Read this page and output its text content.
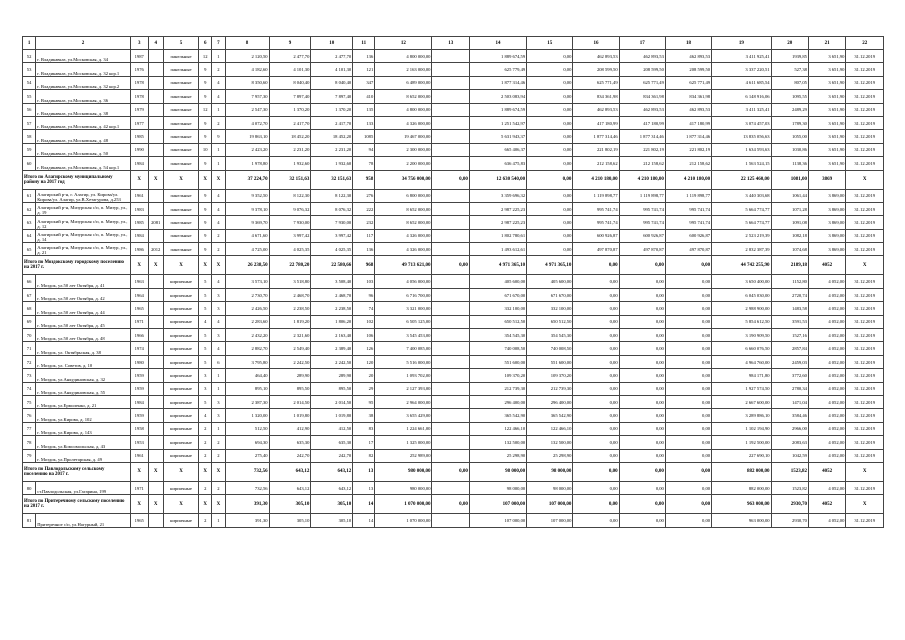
1	2	3	4	5	6	7	8	9	10	11	12	13	14	15	16	17	18	19	20	21	22
52	г. Владикавказ, ул.Московская, д. 34	1987		панельные	12	1	2 120,50	2 477,70	2 477,70	136	4 800 000,00		1 889 674,59	0,00	462 893,53	462 893,53	462 893,53	3 411 925,41	1939,85	3 651,90	31.12.2019
53	г. Владикавказ, ул.Московская, д. 32 кор.1	1976		панельные	9	2	4 182,60	4 101,30	4 101,30	121	2 163 000,00		625 779,49	0,00	208 599,50	208 599,50	208 599,50	3 337 220,51	527,38	3 651,90	31.12.2019
54	г. Владикавказ, ул.Московская, д. 32 кор.2	1978		панельные	9	4	8 350,60	8 040,40	8 040,40	347	6 489 000,00		1 877 314,46	0,00	625 771,49	625 771,49	625 771,49	4 611 685,54	807,05	3 651,90	31.12.2019
55	г. Владикавказ, ул.Московская, д. 36	1978		панельные	9	4	7 957,30	7 897,40	7 897,40	410	8 652 000,00		2 503 083,94	0,00	834 361,98	834 361,98	834 361,98	6 148 916,06	1095,55	3 651,90	31.12.2019
56	г. Владикавказ, ул.Московская, д. 38	1979		панельные	12	1	2 547,30	1 370,20	1 370,20	135	4 800 000,00		1 889 674,59	0,00	462 893,53	462 893,53	462 893,53	3 411 325,41	2489,29	3 651,90	31.12.2019
57	г. Владикавказ, ул.Московская, д. 42 кор.1	1977		панельные	9	2	4 072,70	2 417,70	2 417,70	133	4 326 000,00		1 251 542,97	0,00	417 180,99	417 180,99	417 180,99	3 074 457,03	1789,30	3 651,90	31.12.2019
58	г. Владикавказ, ул.Московская, д. 48	1985		панельные	9	9	19 863,10	18 452,20	18 452,20	1085	19 467 000,00		5 631 943,37	0,00	1 877 314,46	1 877 314,46	1 877 314,46	13 835 056,63	1055,00	3 651,90	31.12.2019
59	г. Владикавказ, ул.Московская, д. 50	1990		панельные	10	1	2 423,20	2 231,20	2 231,20	94	2 300 000,00		665 406,37	0,00	221 802,19	221 802,19	221 802,19	1 634 593,63	1030,86	3 651,90	31.12.2019
60	г. Владикавказ, ул.Московская, д. 54 кор.1	1984		панельные	9	1	1 978,80	1 932,60	1 932,60	78	2 200 000,00		636 475,83	0,00	212 158,62	212 158,62	212 158,62	1 563 524,15	1138,36	3 651,90	31.12.2019
Итого по Алагирскому муниципальному району на 2017 год		X	X	X	X	X	37 224,70	32 151,63	32 151,63	958	34 756 000,00	0,00	12 630 540,00	0,00	4 210 180,00	4 210 180,00	4 210 180,00	22 125 460,00	1081,00	3869	X
61	Алагирский р-н, г. Алагир, ул. Кирова/ул. Кирова/ул. Алагир, ул.В.Хетагурова, д.253	1961		панельные	9	4	9 352,50	8 122,30	8 122,30	276	6 800 000,00		3 359 696,32	0,00	1 119 898,77	1 119 898,77	1 119 898,77	3 440 303,68	1061,44	3 869,00	31.12.2019
62	Алагирский р-н, Мизурская с/п, п. Мизур, ул., д. 19	1983		панельные	9	4	9 378,10	9 076,32	8 076,32	222	8 652 000,00		2 987 225,23	0,00	995 741,74	995 741,74	995 741,74	5 664 774,77	1071,28	3 869,00	31.12.2019
63	Алагирский р-н, Мизурская с/п, п. Мизур, ул., д. 12	1985	2081	панельные	9	4	9 369,70	7 930,00	7 930,00	232	8 652 000,00		2 987 225,23	0,00	995 741,74	995 741,74	995 741,74	5 664 774,77	1091,08	3 869,00	31.12.2019
64	Алагирский р-н, Мизурская с/п, п. Мизур, ул., д. 14	1984		панельные	9	2	4 671,60	3 997,42	3 997,42	117	4 326 000,00		1 802 780,61	0,00	600 926,87	600 926,87	600 926,87	2 523 219,39	1082,18	3 869,00	31.12.2019
65	Алагирский р-н, Мизурская с/п, п. Мизур, ул., д. 21	1986	2012	панельные	9	2	4 725,00	4 025,35	4 025,35	136	4 326 000,00		1 493 612,61	0,00	497 870,87	497 870,87	497 870,87	2 832 387,39	1074,68	3 869,00	31.12.2019
Итого по Моздокскому городскому поселению на 2017 г.		X	X	X	X	X	26 238,50	22 780,20	22 580,66	968	49 713 621,00	0,00	4 971 365,10	4 971 365,10	0,00	0,00	0,00	44 742 255,90	2189,18	4052	X
66	г. Моздок, ул.50 лет Октября, д. 41	1963		кирпичные	5	4	3 573,10	3 518,80	3 508,40	103	4 056 000,00		405 600,00	405 600,00	0,00	0,00	0,00	3 650 400,00	1152,80	4 052,00	31.12.2019
67	г. Моздок, ул.50 лет Октября, д. 42	1964		кирпичные	5	3	2 730,70	2 468,70	2 468,70	96	6 716 700,00		671 670,00	671 670,00	0,00	0,00	0,00	6 045 030,00	2720,74	4 052,00	31.12.2019
68	г. Моздок, ул.50 лет Октября, д. 44	1965		кирпичные	5	3	2 426,50	2 238,50	2 238,50	74	3 321 000,00		332 100,00	332 100,00	0,00	0,00	0,00	2 988 900,00	1483,58	4 052,00	31.12.2019
69	г. Моздок, ул.50 лет Октября, д. 45	1971		кирпичные	4	4	2 283,60	1 819,20	1 806,20	102	6 505 125,00		650 512,50	650 512,50	0,00	0,00	0,00	5 854 612,50	3591,53	4 052,00	31.12.2019
70	г. Моздок, ул.50 лет Октября, д. 48	1966		кирпичные	5	3	2 432,20	2 321,60	2 163,40	106	3 545 453,00		354 545,30	354 545,30	0,00	0,00	0,00	3 190 909,50	1527,16	4 052,00	31.12.2019
71	г. Моздок, ул. Октябрьская, д. 38	1974		кирпичные	5	4	2 882,70	2 549,40	2 389,40	126	7 400 085,00		740 008,50	740 008,50	0,00	0,00	0,00	6 660 076,50	2857,84	4 052,00	31.12.2019
72	г. Моздок, ул. Советов, д. 10	1980		кирпичные	5	6	3 795,80	2 242,50	2 242,50	120	5 516 000,00		551 600,00	551 600,00	0,00	0,00	0,00	4 964 760,00	2459,03	4 052,00	31.12.2019
73	г. Моздок, ул.Анкудиновская, д. 32	1959		кирпичные	3	1	464,40	289,90	289,90	20	1 093 702,00		109 370,20	109 370,20	0,00	0,00	0,00	984 171,80	3772,60	4 052,00	31.12.2019
74	г. Моздок, ул.Анкудиновская, д. 55	1959		кирпичные	3	1	895,10	895,50	895,50	29	2 127 393,00		212 739,30	212 739,30	0,00	0,00	0,00	1 927 574,50	2780,34	4 052,00	31.12.2019
75	г. Моздок, ул.Ермоленко, д. 21	1984		кирпичные	5	3	2 387,30	2 014,50	2 014,50	95	2 964 000,00		296 400,00	296 400,00	0,00	0,00	0,00	2 667 600,00	1471,04	4 052,00	31.12.2019
76	г. Моздок, ул.Кирова, д. 102	1959		кирпичные	4	3	1 320,00	1 019,80	1 019,80	38	3 655 429,00		365 542,90	365 542,90	0,00	0,00	0,00	3 289 886,10	3584,46	4 052,00	31.12.2019
77	г. Моздок, ул.Кирова, д. 143	1958		кирпичные	2	1	512,50	412,90	412,50	83	1 224 661,00		122 466,10	122 466,10	0,00	0,00	0,00	1 102 194,90	2966,00	4 052,00	31.12.2019
78	г. Моздок, ул.Комсомольская, д. 43	1953		кирпичные	2	2	694,30	635,30	635,30	17	1 325 000,00		132 500,00	132 500,00	0,00	0,00	0,00	1 192 500,00	2083,63	4 052,00	31.12.2019
79	г. Моздок, ул.Пролетарская, д. 49	1961		кирпичные	2	2	275,40	242,70	242,70	82	252 989,00		25 298,90	25 298,90	0,00	0,00	0,00	227 690,10	1042,59	4 052,00	31.12.2019
Итого по Павлодольскому сельскому поселению на 2017 г.		X	X	X	X	X	732,56	643,12	643,12	13	980 000,00	0,00	98 000,00	98 000,00	0,00	0,00	0,00	882 000,00	1523,82	4052	X
80	ст.Павлодольская, ул.Гагарина, 199	1971		кирпичные	2	2	732,56	643,12	643,12	13	980 000,00		98 000,00	98 000,00	0,00	0,00	0,00	882 000,00	1523,82	4 052,00	31.12.2019
Итого по Притеречному сельскому поселению на 2017 г.		X	X	X	X	X	391,30	305,10	305,10	14	1 070 000,00	0,00	107 000,00	107 000,00	0,00	0,00	0,00	963 000,00	2930,70	4052	X
81	Притеречное с/п, ул.Нагурный, 21	1965		кирпичные	2	1	391,30	305,10	305,10	14	1 070 000,00		107 000,00	107 000,00	0,00	0,00	0,00	963 000,00	2930,70	4 052,00	31.12.2019
